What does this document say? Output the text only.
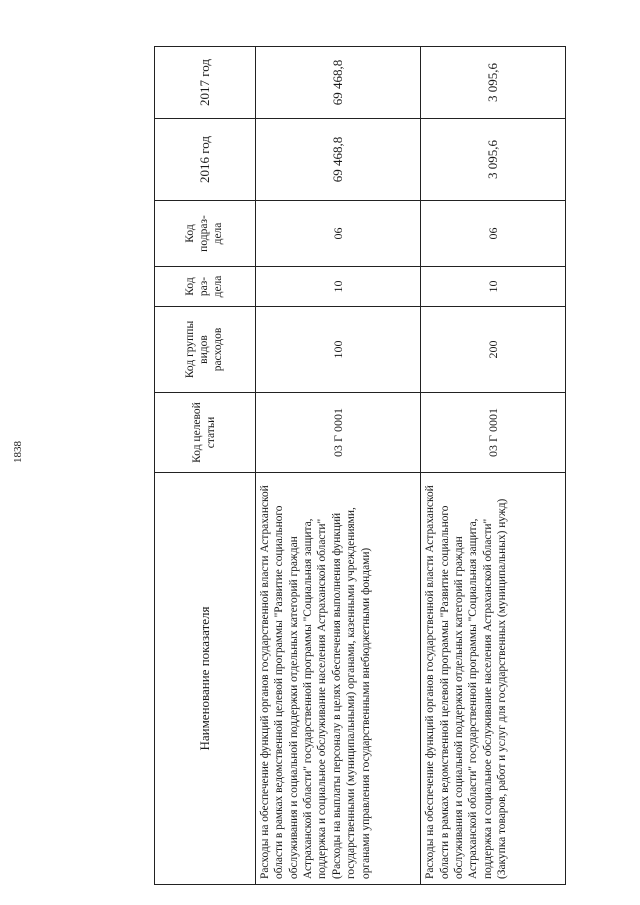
1838
Наименование показателя	Код целевой статьи	Код группы видов расходов	Код раз-дела	Код подраз-дела	2016 год	2017 год
Расходы на обеспечение функций органов государственной власти Астраханской области в рамках ведомственной целевой программы "Развитие социального обслуживания и социальной поддержки отдельных категорий граждан Астраханской области" государственной программы "Социальная защита, поддержка и социальное обслуживание населения Астраханской области" (Расходы на выплаты персоналу в целях обеспечения выполнения функций государственными (муниципальными) органами, казенными учреждениями, органами управления государственными внебюджетными фондами)	03 Г 0001	100	10	06	69 468,8	69 468,8
Расходы на обеспечение функций органов государственной власти Астраханской области в рамках ведомственной целевой программы "Развитие социального обслуживания и социальной поддержки отдельных категорий граждан Астраханской области" государственной программы "Социальная защита, поддержка и социальное обслуживание населения Астраханской области" (Закупка товаров, работ и услуг для государственных (муниципальных) нужд)	03 Г 0001	200	10	06	3 095,6	3 095,6
